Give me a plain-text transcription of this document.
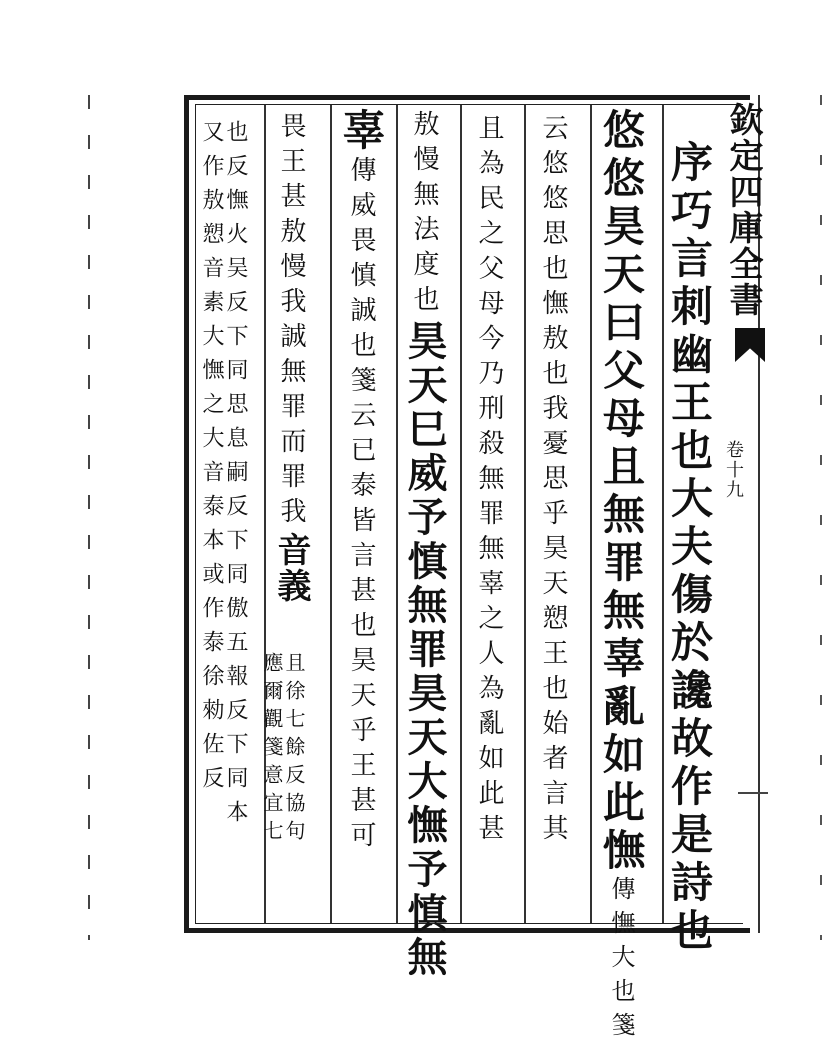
序巧言刺幽王也大夫傷於讒故作是詩也
悠悠昊天曰父母且無罪無辜亂如此憮傳憮大也箋
云悠悠思也憮敖也我憂思乎昊天愬王也始者言其
且為民之父母今乃刑殺無罪無辜之人為亂如此甚
敖慢無法度也昊天巳威予慎無罪昊天大憮予慎無
辜傳威畏慎誠也箋云已泰皆言甚也昊天乎王甚可
畏王甚敖慢我誠無罪而罪我音義
且徐七餘反協句
應爾觀箋意宜七
也反憮火吴反下同思息嗣反下同傲五報反下同本
又作敖愬音素大憮之大音泰本或作泰徐勑佐反	欽定四庫全書
卷十九
